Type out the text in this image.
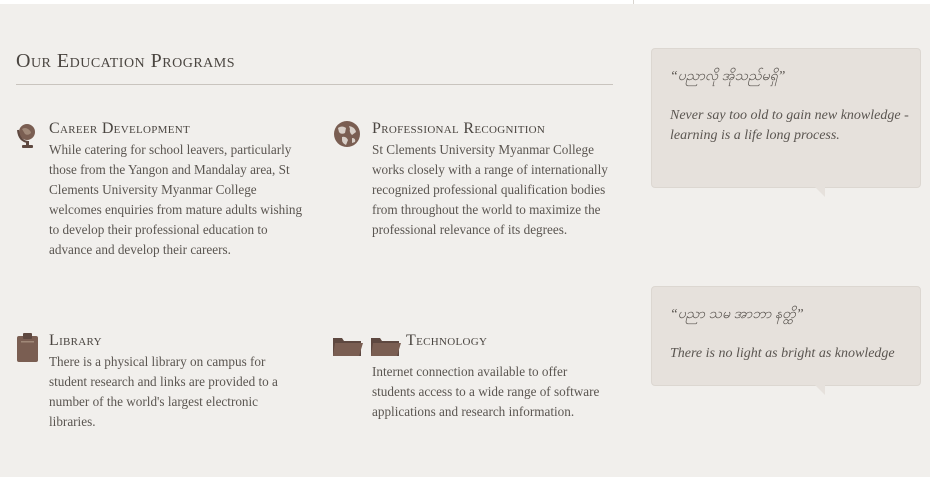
Our Education Programs
Career Development

While catering for school leavers, particularly those from the Yangon and Mandalay area, St Clements University Myanmar College welcomes enquiries from mature adults wishing to develop their professional education to advance and develop their careers.

Professional Recognition

St Clements University Myanmar College works closely with a range of internationally recognized professional qualification bodies from throughout the world to maximize the professional relevance of its degrees.

Library

There is a physical library on campus for student research and links are provided to a number of the world's largest electronic libraries.

Technology

Internet connection available to offer students access to a wide range of software applications and research information.

“ပညာလို အိုသည်မရှိ”
Never say too old to gain new knowledge - learning is a life long process.
“ပညာ သမ အာဘာ နတ္ထိ”
There is no light as bright as knowledge
